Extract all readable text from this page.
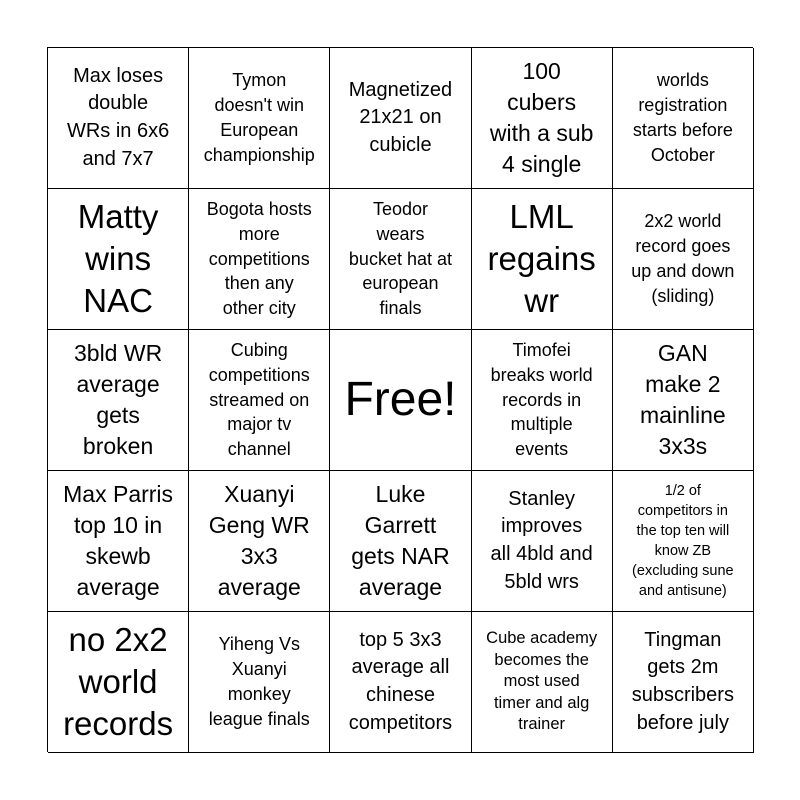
Max loses
double
WRs in 6x6
and 7x7
Tymon
doesn't win
European
championship
Magnetized
21x21 on
cubicle
100
cubers
with a sub
4 single
worlds
registration
starts before
October
Matty
wins
NAC
Bogota hosts
more
competitions
then any
other city
Teodor
wears
bucket hat at
european
finals
LML
regains
wr
2x2 world
record goes
up and down
(sliding)
3bld WR
average
gets
broken
Cubing
competitions
streamed on
major tv
channel
Free!
Timofei
breaks world
records in
multiple
events
GAN
make 2
mainline
3x3s
Max Parris
top 10 in
skewb
average
Xuanyi
Geng WR
3x3
average
Luke
Garrett
gets NAR
average
Stanley
improves
all 4bld and
5bld wrs
1/2 of
competitors in
the top ten will
know ZB
(excluding sune
and antisune)
no 2x2
world
records
Yiheng Vs
Xuanyi
monkey
league finals
top 5 3x3
average all
chinese
competitors
Cube academy
becomes the
most used
timer and alg
trainer
Tingman
gets 2m
subscribers
before july
